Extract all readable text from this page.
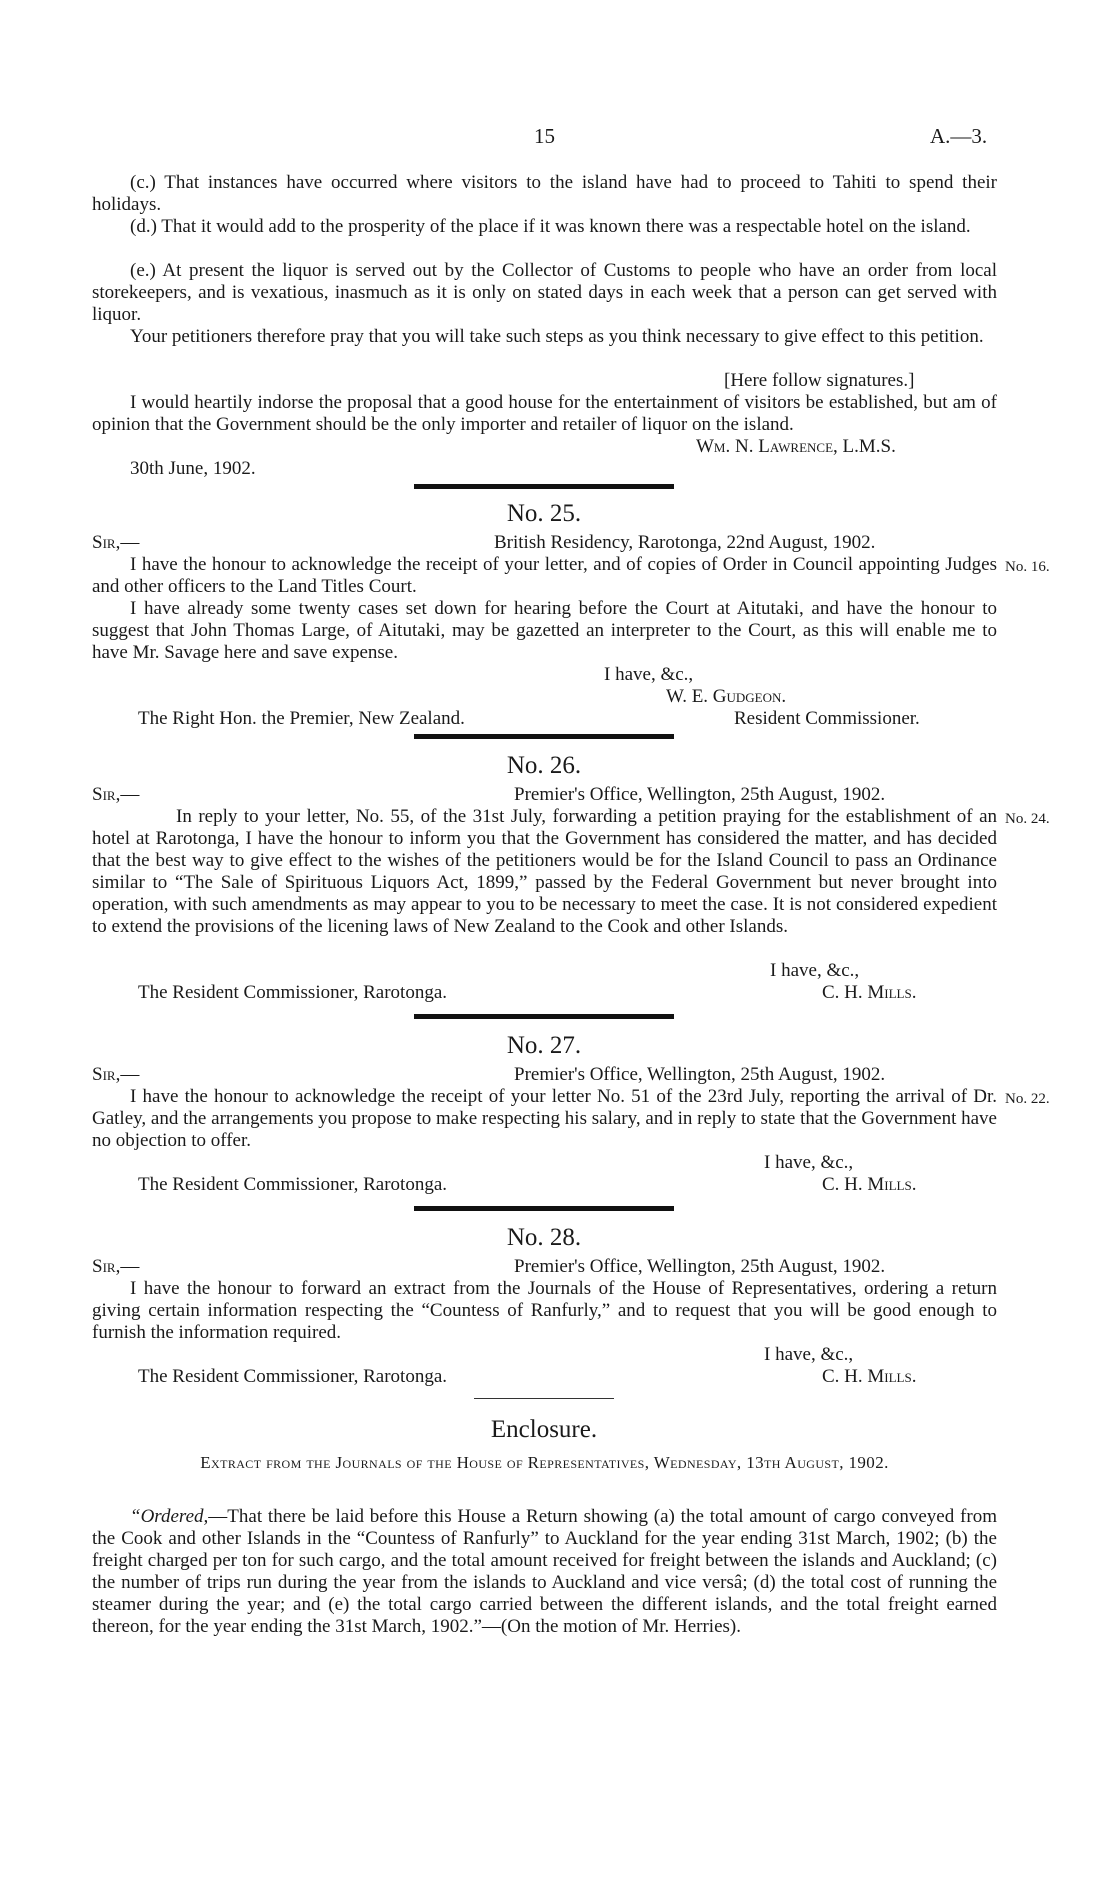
15	A.—3.
(c.) That instances have occurred where visitors to the island have had to proceed to Tahiti to spend their holidays.
(d.) That it would add to the prosperity of the place if it was known there was a respectable hotel on the island.
(e.) At present the liquor is served out by the Collector of Customs to people who have an order from local storekeepers, and is vexatious, inasmuch as it is only on stated days in each week that a person can get served with liquor.
Your petitioners therefore pray that you will take such steps as you think necessary to give effect to this petition.
[Here follow signatures.]
I would heartily indorse the proposal that a good house for the entertainment of visitors be established, but am of opinion that the Government should be the only importer and retailer of liquor on the island.
Wm. N. Lawrence, L.M.S.
30th June, 1902.
No. 25.
Sir,—	British Residency, Rarotonga, 22nd August, 1902.
I have the honour to acknowledge the receipt of your letter, and of copies of Order in Council appointing Judges and other officers to the Land Titles Court.
No. 16.
I have already some twenty cases set down for hearing before the Court at Aitutaki, and have the honour to suggest that John Thomas Large, of Aitutaki, may be gazetted an interpreter to the Court, as this will enable me to have Mr. Savage here and save expense.
I have, &c.,
W. E. Gudgeon.
The Right Hon. the Premier, New Zealand.	Resident Commissioner.
No. 26.
Sir,—	Premier's Office, Wellington, 25th August, 1902.
In reply to your letter, No. 55, of the 31st July, forwarding a petition praying for the establishment of an hotel at Rarotonga, I have the honour to inform you that the Government has considered the matter, and has decided that the best way to give effect to the wishes of the petitioners would be for the Island Council to pass an Ordinance similar to “The Sale of Spirituous Liquors Act, 1899,” passed by the Federal Government but never brought into operation, with such amendments as may appear to you to be necessary to meet the case. It is not considered expedient to extend the provisions of the licening laws of New Zealand to the Cook and other Islands.
No. 24.
I have, &c.,
The Resident Commissioner, Rarotonga.	C. H. Mills.
No. 27.
Sir,—	Premier's Office, Wellington, 25th August, 1902.
I have the honour to acknowledge the receipt of your letter No. 51 of the 23rd July, reporting the arrival of Dr. Gatley, and the arrangements you propose to make respecting his salary, and in reply to state that the Government have no objection to offer.
No. 22.
I have, &c.,
The Resident Commissioner, Rarotonga.	C. H. Mills.
No. 28.
Sir,—	Premier's Office, Wellington, 25th August, 1902.
I have the honour to forward an extract from the Journals of the House of Representatives, ordering a return giving certain information respecting the “Countess of Ranfurly,” and to request that you will be good enough to furnish the information required.
I have, &c.,
The Resident Commissioner, Rarotonga.	C. H. Mills.
Enclosure.
Extract from the Journals of the House of Representatives, Wednesday, 13th August, 1902.
“Ordered,—That there be laid before this House a Return showing (a) the total amount of cargo conveyed from the Cook and other Islands in the “Countess of Ranfurly” to Auckland for the year ending 31st March, 1902; (b) the freight charged per ton for such cargo, and the total amount received for freight between the islands and Auckland; (c) the number of trips run during the year from the islands to Auckland and vice versâ; (d) the total cost of running the steamer during the year; and (e) the total cargo carried between the different islands, and the total freight earned thereon, for the year ending the 31st March, 1902.”—(On the motion of Mr. Herries).
